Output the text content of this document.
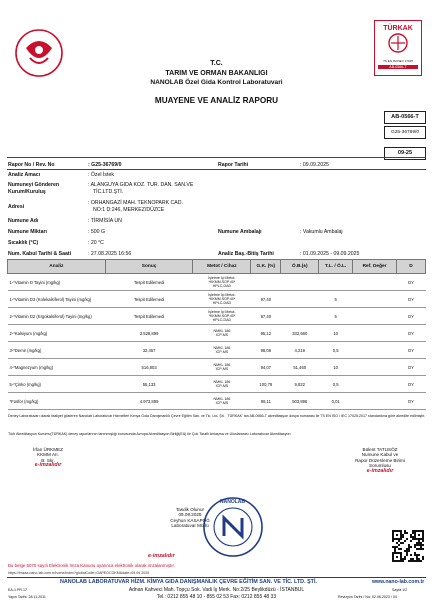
T.C.
TARIM VE ORMAN BAKANLIGI
NANOLAB Özel Gida Kontrol Laboratuvari
MUAYENE VE ANALİZ RAPORU
TÜRKAK
TS EN ISO/IEC 17025
AB-0566-T
AB-0566-T
G25-36769/0
09-25
Rapor No / Rev. No	: G25-36769/0	Rapor Tarihi	: 09.09.2025
Analiz Amacı	: Özel İstek
Numuneyi Gönderen Kurum/Kuruluş
: ALANGUYA GIDA KOZ. TUR. DAN. SAN.VE
TİC.LTD.ŞTİ.
Adresi
: ORHANGAZİ MAH. TEKNOPARK CAD.
NO:1 D:246, MERKEZ/DÜZCE
Numune Adı	: TİRMİSİA UN
Numune Miktarı	: 500 G	Numune Ambalajı	: Vakumlu Ambalaj
Sıcaklık (°C)	: 20 °C
Num. Kabul Tarihi & Saati	: 27.08.2025 16:56	Analiz Baş.-Bitiş Tarihi	: 01.09.2025 - 09.09.2025
Analiz	Sonuç	Metot / Cihaz	G.K. (%)	Ö.B.(±)	T.L. / Ö.L.	Ref. Değer	D
1-*Vitamin D Tayini (mg/kg)	Tespit Edilemedi	İşletme İçi Metot-
*KKMM.SOP.40*
HPLC-DAD					DY
1-*Vitamin D3 (Kolekalsiferol) Tayini (mg/kg)	Tespit Edilemedi	İşletme İçi Metot-
*KKMM.SOP.40*
HPLC-DAD	97,40		5		DY
2-*Vitamin D2 (Ergokalsiferol) Tayini (mg/kg)	Tespit Edilemedi	İşletme İçi Metot-
*KKMM.SOP.40*
HPLC-DAD	97,40		5		DY
2-*Kalsiyum (mg/kg)	3.528,899	NMKL 186
ICP-MS	95,12	332,660	10		DY
3-*Demir (mg/kg)	32,457	NMKL 186
ICP-MS	96,06	4,219	0,5		DY
4-*Magnezyum (mg/kg)	516,803	NMKL 186
ICP-MS	94,07	51,460	10		DY
5-*Çinko (mg/kg)	55,133	NMKL 186
ICP-MS	100,79	9,822	0,5		DY
*Fosfor (mg/kg)	4.973,899	NMKL 186
ICP-MS	98,11	503,896	0,01		DY
Deney Laboratuvarı olarak faaliyet gösteren Nanolab Laboratuvar Hizmetleri Kimya Gıda Danışmanlık Çevre Eğitim San. ve Tic. Ltd. Şti. , TÜRKAK' tan AB-0566-T akreditasyon dosya numarası ile TS EN ISO / IEC 17025:2017 standardına göre akredite edilmiştir.
Türk Akreditasyon Kurumu(TÜRKAK) deney raporlarının tanınmışlığı konusunda Avrupa Akreditasyon Birliği(EA) ile Çok Taraflı Anlaşma ve Uluslararası Laboratuvar Akreditasyon
İrfan ÜRKMEZ
KKMM Arı.
B. Skr.
e-imzalıdır
Bülent TATUSÖZ
Numune Kabul ve
Rapor Düzenleme Birimi
Sorumlusu
e-imzalıdır
Tasdik Olunur
09.09.2025
Ceyhun KASAPOĞ
Laboratuvar Müdü
e-imzalıdır
NANOLAB
Bu belge 5070 sayılı Elektronik İmza Kanunu uyarınca elektronik olarak imzalanmıştır.
https://imzaa.nano-lab.com.tr/home/index?globalCode=GAPEOCGKM&date=09.09.2025
NANOLAB LABORATUVAR HİZM. KİMYA GIDA DANIŞMANLIK ÇEVRE EĞİTİM SAN. VE TİC. LTD. ŞTİ.	www.nano-lab.com.tr
Adnan Kahveci Mah. Topçu Sok. Vadi İş Merk. No:2/25 Beylikdüzü - İSTANBUL
Tel.: 0212 855 48 10 - 855 02 53 Fax: 0212 855 48 33
EA-1.PR.17
Yayın Tarihi: 28.11.2011
Sayfa 1/2
Revizyon Tarihi / No: 02.06.2023 / 04
